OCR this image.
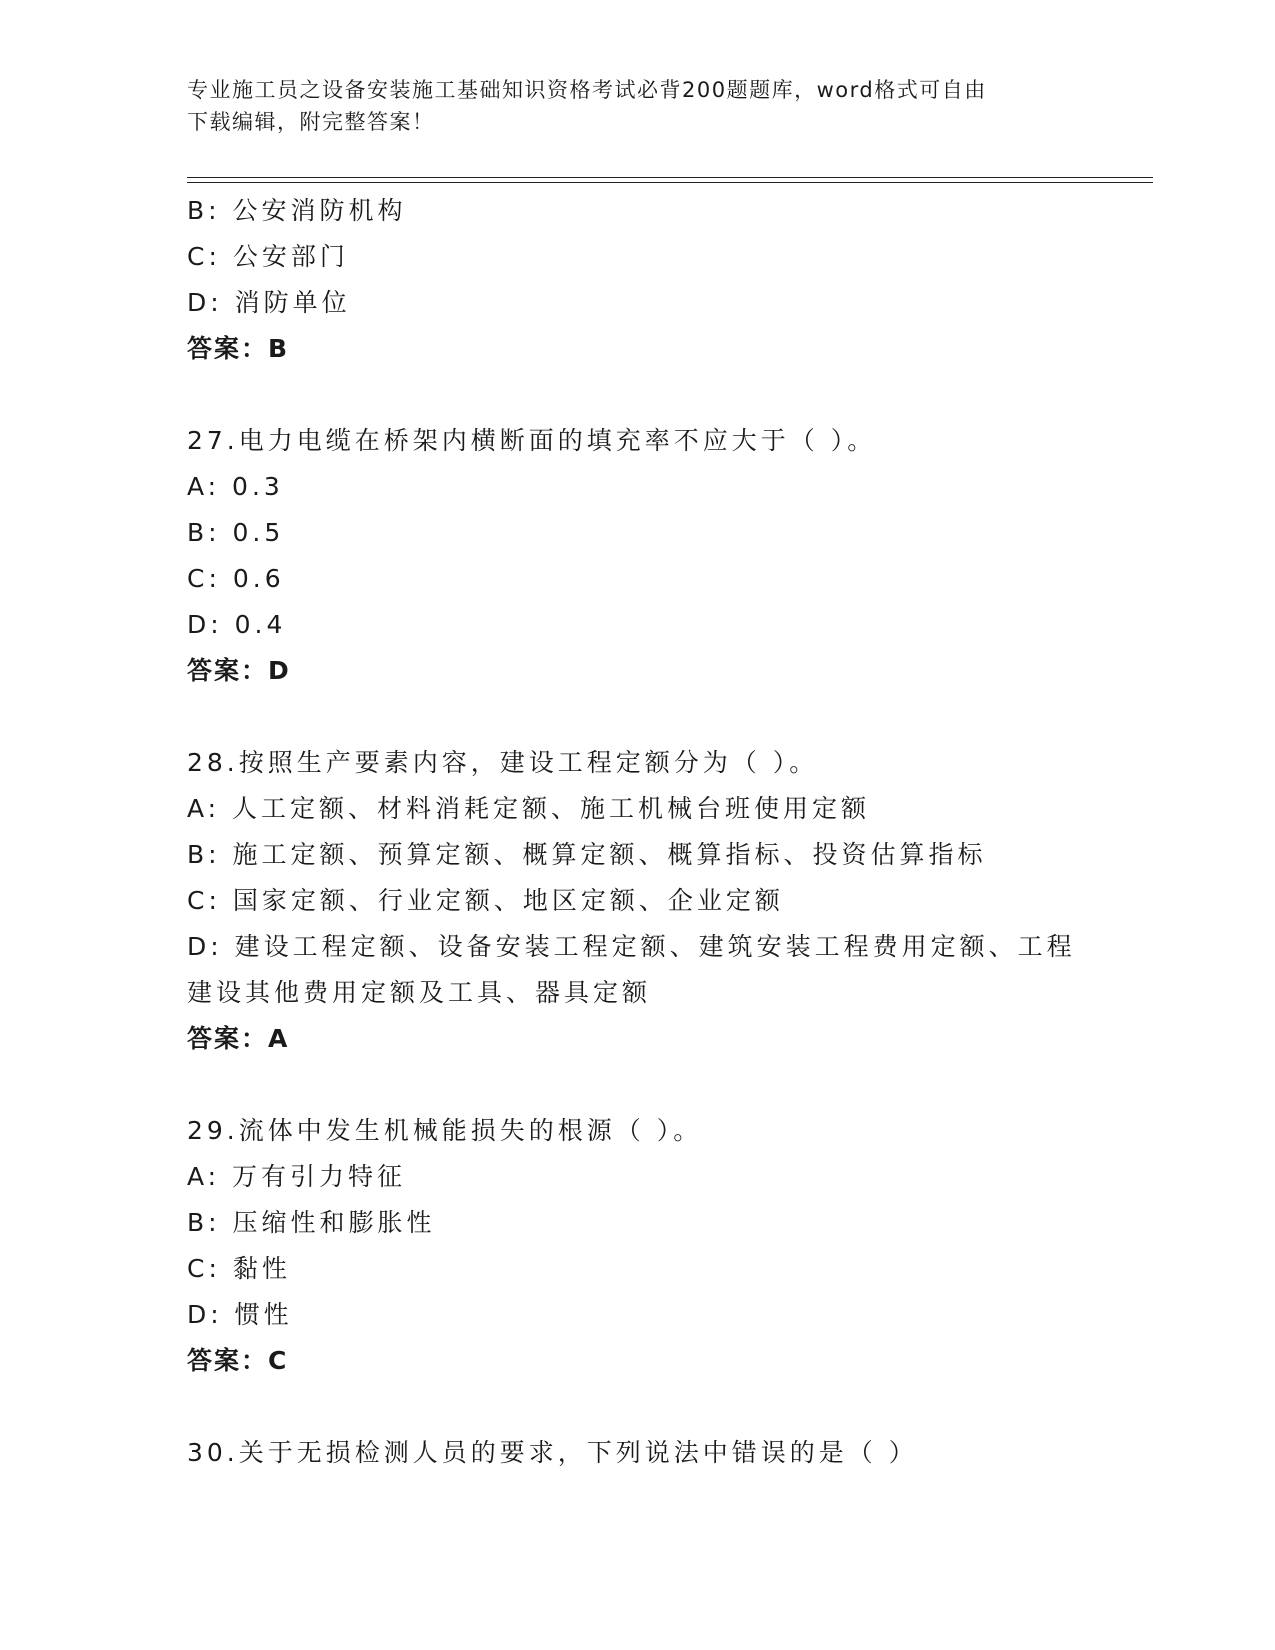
专业施工员之设备安装施工基础知识资格考试必背200题题库，word格式可自由
下载编辑，附完整答案！
B: 公安消防机构
C: 公安部门
D: 消防单位
答案：B
27.电力电缆在桥架内横断面的填充率不应大于（ ）。
A: 0.3
B: 0.5
C: 0.6
D: 0.4
答案：D
28.按照生产要素内容，建设工程定额分为（ ）。
A: 人工定额、材料消耗定额、施工机械台班使用定额
B: 施工定额、预算定额、概算定额、概算指标、投资估算指标
C: 国家定额、行业定额、地区定额、企业定额
D: 建设工程定额、设备安装工程定额、建筑安装工程费用定额、工程
建设其他费用定额及工具、器具定额
答案：A
29.流体中发生机械能损失的根源（ ）。
A: 万有引力特征
B: 压缩性和膨胀性
C: 黏性
D: 惯性
答案：C
30.关于无损检测人员的要求，下列说法中错误的是（ ）
